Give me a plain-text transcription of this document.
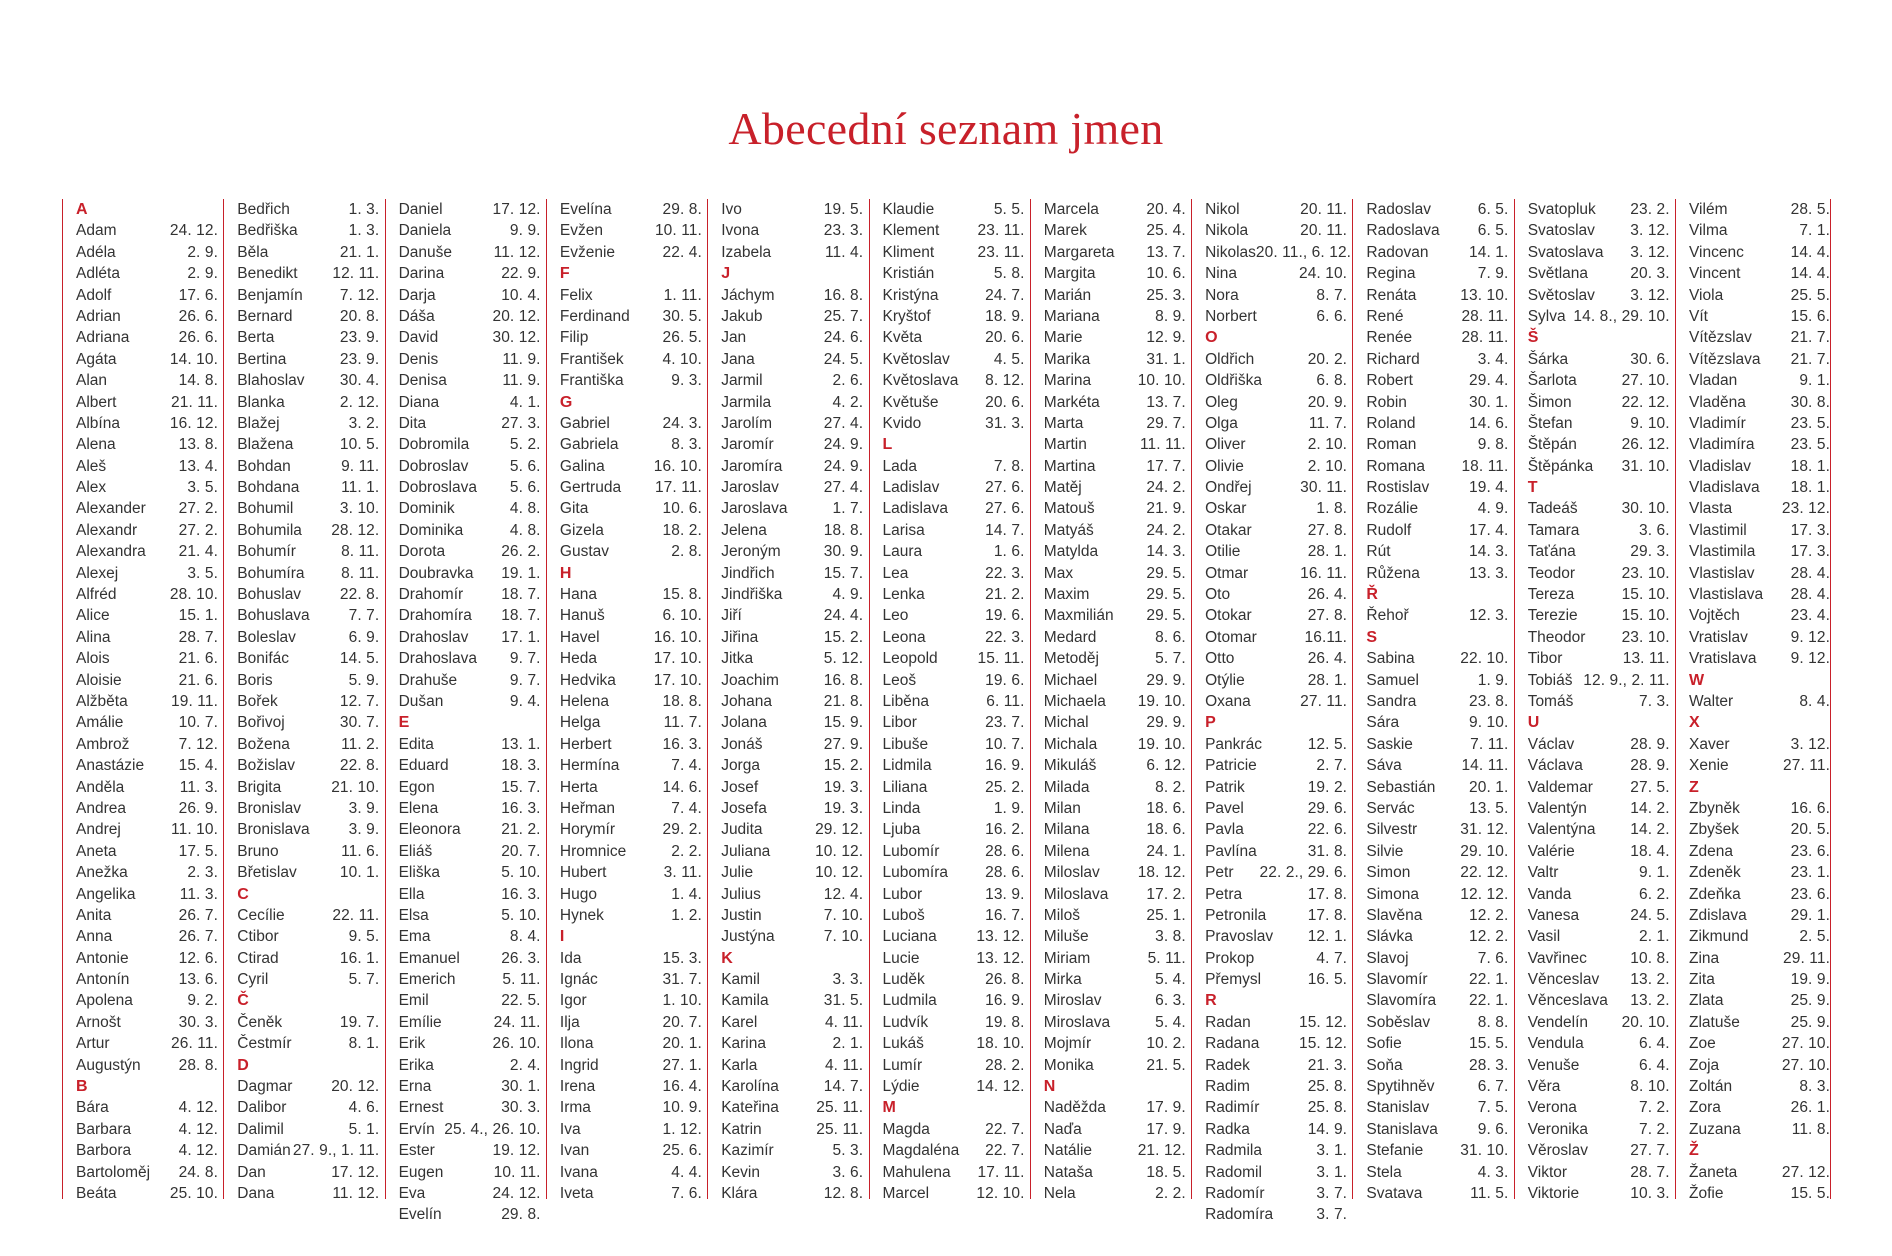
Abecední seznam jmen
A
Adam	24. 12.
Adéla	2. 9.
Adléta	2. 9.
Adolf	17. 6.
Adrian	26. 6.
Adriana	26. 6.
Agáta	14. 10.
Alan	14. 8.
Albert	21. 11.
Albína	16. 12.
Alena	13. 8.
Aleš	13. 4.
Alex	3. 5.
Alexander 27. 2.
Alexandr	27. 2.
Alexandra 21. 4.
Alexej	3. 5.
Alfréd	28. 10.
Alice	15. 1.
Alina	28. 7.
Alois	21. 6.
Aloisie	21. 6.
Alžběta	19. 11.
Amálie	10. 7.
Ambrož	7. 12.
Anastázie 15. 4.
Anděla	11. 3.
Andrea	26. 9.
Andrej	11. 10.
Aneta	17. 5.
Anežka	2. 3.
Angelika	11. 3.
Anita	26. 7.
Anna	26. 7.
Antonie	12. 6.
Antonín	13. 6.
Apolena	9. 2.
Arnošt	30. 3.
Artur	26. 11.
Augustýn 28. 8.
B
Bára	4. 12.
Barbara	4. 12.
Barbora	4. 12.
Bartoloměj 24. 8.
Beáta	25. 10.
Bedřich	1. 3.
Bedřiška	1. 3.
Běla	21. 1.
Benedikt 12. 11.
Benjamín 7. 12.
Bernard	20. 8.
Berta	23. 9.
Bertina	23. 9.
Blahoslav 30. 4.
Blanka	2. 12.
Blažej	3. 2.
Blažena	10. 5.
Bohdan	9. 11.
Bohdana	11. 1.
Bohumil	3. 10.
Bohumila 28. 12.
Bohumír	8. 11.
Bohumíra 8. 11.
Bohuslav	22. 8.
Bohuslava	7. 7.
Boleslav	6. 9.
Bonifác	14. 5.
Boris	5. 9.
Bořek	12. 7.
Bořivoj	30. 7.
Božena	11. 2.
Božislav	22. 8.
Brigita	21. 10.
Bronislav	3. 9.
Bronislava	3. 9.
Bruno	11. 6.
Břetislav	10. 1.
C
Cecílie	22. 11.
Ctibor	9. 5.
Ctirad	16. 1.
Cyril	5. 7.
Č
Čeněk	19. 7.
Čestmír	8. 1.
D
Dagmar	20. 12.
Dalibor	4. 6.
Dalimil	5. 1.
Damián 27. 9., 1. 11.
Dan	17. 12.
Dana	11. 12.
Daniel	17. 12.
Daniela	9. 9.
Danuše	11. 12.
Darina	22. 9.
Darja	10. 4.
Dáša	20. 12.
David	30. 12.
Denis	11. 9.
Denisa	11. 9.
Diana	4. 1.
Dita	27. 3.
Dobromila	5. 2.
Dobroslav	5. 6.
Dobroslava 5. 6.
Dominik	4. 8.
Dominika	4. 8.
Dorota	26. 2.
Doubravka 19. 1.
Drahomír 18. 7.
Drahomíra 18. 7.
Drahoslav 17. 1.
Drahoslava 9. 7.
Drahuše	9. 7.
Dušan	9. 4.
E
Edita	13. 1.
Eduard	18. 3.
Egon	15. 7.
Elena	16. 3.
Eleonora	21. 2.
Eliáš	20. 7.
Eliška	5. 10.
Ella	16. 3.
Elsa	5. 10.
Ema	8. 4.
Emanuel	26. 3.
Emerich	5. 11.
Emil	22. 5.
Emílie	24. 11.
Erik	26. 10.
Erika	2. 4.
Erna	30. 1.
Ernest	30. 3.
Ervín 25. 4., 26. 10.
Ester	19. 12.
Eugen	10. 11.
Eva	24. 12.
Evelín	29. 8.
Evelína	29. 8.
Evžen	10. 11.
Evženie	22. 4.
F
Felix	1. 11.
Ferdinand 30. 5.
Filip	26. 5.
František	4. 10.
Františka	9. 3.
G
Gabriel	24. 3.
Gabriela	8. 3.
Galina	16. 10.
Gertruda 17. 11.
Gita	10. 6.
Gizela	18. 2.
Gustav	2. 8.
H
Hana	15. 8.
Hanuš	6. 10.
Havel	16. 10.
Heda	17. 10.
Hedvika 17. 10.
Helena	18. 8.
Helga	11. 7.
Herbert	16. 3.
Hermína	7. 4.
Herta	14. 6.
Heřman	7. 4.
Horymír	29. 2.
Hromnice	2. 2.
Hubert	3. 11.
Hugo	1. 4.
Hynek	1. 2.
I
Ida	15. 3.
Ignác	31. 7.
Igor	1. 10.
Ilja	20. 7.
Ilona	20. 1.
Ingrid	27. 1.
Irena	16. 4.
Irma	10. 9.
Iva	1. 12.
Ivan	25. 6.
Ivana	4. 4.
Iveta	7. 6.
Ivo	19. 5.
Ivona	23. 3.
Izabela	11. 4.
J
Jáchym	16. 8.
Jakub	25. 7.
Jan	24. 6.
Jana	24. 5.
Jarmil	2. 6.
Jarmila	4. 2.
Jarolím	27. 4.
Jaromír	24. 9.
Jaromíra	24. 9.
Jaroslav	27. 4.
Jaroslava	1. 7.
Jelena	18. 8.
Jeroným	30. 9.
Jindřich	15. 7.
Jindřiška	4. 9.
Jiří	24. 4.
Jiřina	15. 2.
Jitka	5. 12.
Joachim	16. 8.
Johana	21. 8.
Jolana	15. 9.
Jonáš	27. 9.
Jorga	15. 2.
Josef	19. 3.
Josefa	19. 3.
Judita	29. 12.
Juliana	10. 12.
Julie	10. 12.
Julius	12. 4.
Justin	7. 10.
Justýna	7. 10.
K
Kamil	3. 3.
Kamila	31. 5.
Karel	4. 11.
Karina	2. 1.
Karla	4. 11.
Karolína	14. 7.
Kateřina 25. 11.
Katrin	25. 11.
Kazimír	5. 3.
Kevin	3. 6.
Klára	12. 8.
Klaudie	5. 5.
Klement 23. 11.
Kliment	23. 11.
Kristián	5. 8.
Kristýna	24. 7.
Kryštof	18. 9.
Květa	20. 6.
Květoslav	4. 5.
Květoslava 8. 12.
Květuše	20. 6.
Kvido	31. 3.
L
Lada	7. 8.
Ladislav	27. 6.
Ladislava 27. 6.
Larisa	14. 7.
Laura	1. 6.
Lea	22. 3.
Lenka	21. 2.
Leo	19. 6.
Leona	22. 3.
Leopold	15. 11.
Leoš	19. 6.
Liběna	6. 11.
Libor	23. 7.
Libuše	10. 7.
Lidmila	16. 9.
Liliana	25. 2.
Linda	1. 9.
Ljuba	16. 2.
Lubomír	28. 6.
Lubomíra 28. 6.
Lubor	13. 9.
Luboš	16. 7.
Luciana	13. 12.
Lucie	13. 12.
Luděk	26. 8.
Ludmila	16. 9.
Ludvík	19. 8.
Lukáš	18. 10.
Lumír	28. 2.
Lýdie	14. 12.
M
Magda	22. 7.
Magdaléna 22. 7.
Mahulena 17. 11.
Marcel	12. 10.
Marcela	20. 4.
Marek	25. 4.
Margareta 13. 7.
Margita	10. 6.
Marián	25. 3.
Mariana	8. 9.
Marie	12. 9.
Marika	31. 1.
Marina	10. 10.
Markéta	13. 7.
Marta	29. 7.
Martin	11. 11.
Martina	17. 7.
Matěj	24. 2.
Matouš	21. 9.
Matyáš	24. 2.
Matylda	14. 3.
Max	29. 5.
Maxim	29. 5.
Maxmilián 29. 5.
Medard	8. 6.
Metoděj	5. 7.
Michael	29. 9.
Michaela 19. 10.
Michal	29. 9.
Michala	19. 10.
Mikuláš	6. 12.
Milada	8. 2.
Milan	18. 6.
Milana	18. 6.
Milena	24. 1.
Miloslav 18. 12.
Miloslava 17. 2.
Miloš	25. 1.
Miluše	3. 8.
Miriam	5. 11.
Mirka	5. 4.
Miroslav	6. 3.
Miroslava	5. 4.
Mojmír	10. 2.
Monika	21. 5.
N
Naděžda	17. 9.
Naďa	17. 9.
Natálie	21. 12.
Nataša	18. 5.
Nela	2. 2.
Nikol	20. 11.
Nikola	20. 11.
Nikolas 20. 11., 6. 12.
Nina	24. 10.
Nora	8. 7.
Norbert	6. 6.
O
Oldřich	20. 2.
Oldřiška	6. 8.
Oleg	20. 9.
Olga	11. 7.
Oliver	2. 10.
Olivie	2. 10.
Ondřej	30. 11.
Oskar	1. 8.
Otakar	27. 8.
Otilie	28. 1.
Otmar	16. 11.
Oto	26. 4.
Otokar	27. 8.
Otomar	16.11.
Otto	26. 4.
Otýlie	28. 1.
Oxana	27. 11.
P
Pankrác	12. 5.
Patricie	2. 7.
Patrik	19. 2.
Pavel	29. 6.
Pavla	22. 6.
Pavlína	31. 8.
Petr 22. 2., 29. 6.
Petra	17. 8.
Petronila	17. 8.
Pravoslav 12. 1.
Prokop	4. 7.
Přemysl	16. 5.
R
Radan	15. 12.
Radana	15. 12.
Radek	21. 3.
Radim	25. 8.
Radimír	25. 8.
Radka	14. 9.
Radmila	3. 1.
Radomil	3. 1.
Radomír	3. 7.
Radomíra	3. 7.
Radoslav	6. 5.
Radoslava 6. 5.
Radovan	14. 1.
Regina	7. 9.
Renáta	13. 10.
René	28. 11.
Renée	28. 11.
Richard	3. 4.
Robert	29. 4.
Robin	30. 1.
Roland	14. 6.
Roman	9. 8.
Romana 18. 11.
Rostislav	19. 4.
Rozálie	4. 9.
Rudolf	17. 4.
Rút	14. 3.
Růžena	13. 3.
Ř
Řehoř	12. 3.
S
Sabina	22. 10.
Samuel	1. 9.
Sandra	23. 8.
Sára	9. 10.
Saskie	7. 11.
Sáva	14. 11.
Sebastián 20. 1.
Servác	13. 5.
Silvestr	31. 12.
Silvie	29. 10.
Simon	22. 12.
Simona	12. 12.
Slavěna	12. 2.
Slávka	12. 2.
Slavoj	7. 6.
Slavomír	22. 1.
Slavomíra 22. 1.
Soběslav	8. 8.
Sofie	15. 5.
Soňa	28. 3.
Spytihněv	6. 7.
Stanislav	7. 5.
Stanislava	9. 6.
Stefanie 31. 10.
Stela	4. 3.
Svatava	11. 5.
Svatopluk 23. 2.
Svatoslav 3. 12.
Svatoslava 3. 12.
Světlana	20. 3.
Světoslav 3. 12.
Sylva 14. 8., 29. 10.
Š
Šárka	30. 6.
Šarlota	27. 10.
Šimon	22. 12.
Štefan	9. 10.
Štěpán	26. 12.
Štěpánka 31. 10.
T
Tadeáš	30. 10.
Tamara	3. 6.
Taťána	29. 3.
Teodor	23. 10.
Tereza	15. 10.
Terezie	15. 10.
Theodor 23. 10.
Tibor	13. 11.
Tobiáš 12. 9., 2. 11.
Tomáš	7. 3.
U
Václav	28. 9.
Václava	28. 9.
Valdemar 27. 5.
Valentýn	14. 2.
Valentýna 14. 2.
Valérie	18. 4.
Valtr	9. 1.
Vanda	6. 2.
Vanesa	24. 5.
Vasil	2. 1.
Vavřinec	10. 8.
Věnceslav 13. 2.
Věnceslava 13. 2.
Vendelín 20. 10.
Vendula	6. 4.
Venuše	6. 4.
Věra	8. 10.
Verona	7. 2.
Veronika	7. 2.
Věroslav	27. 7.
Viktor	28. 7.
Viktorie	10. 3.
Vilém	28. 5.
Vilma	7. 1.
Vincenc	14. 4.
Vincent	14. 4.
Viola	25. 5.
Vít	15. 6.
Vítězslav 21. 7.
Vítězslava 21. 7.
Vladan	9. 1.
Vladěna	30. 8.
Vladimír	23. 5.
Vladimíra 23. 5.
Vladislav	18. 1.
Vladislava 18. 1.
Vlasta	23. 12.
Vlastimil	17. 3.
Vlastimila 17. 3.
Vlastislav 28. 4.
Vlastislava 28. 4.
Vojtěch	23. 4.
Vratislav	9. 12.
Vratislava 9. 12.
W
Walter	8. 4.
X
Xaver	3. 12.
Xenie	27. 11.
Z
Zbyněk	16. 6.
Zbyšek	20. 5.
Zdena	23. 6.
Zdeněk	23. 1.
Zdeňka	23. 6.
Zdislava	29. 1.
Zikmund	2. 5.
Zina	29. 11.
Zita	19. 9.
Zlata	25. 9.
Zlatuše	25. 9.
Zoe	27. 10.
Zoja	27. 10.
Zoltán	8. 3.
Zora	26. 1.
Zuzana	11. 8.
Ž
Žaneta	27. 12.
Žofie	15. 5.
